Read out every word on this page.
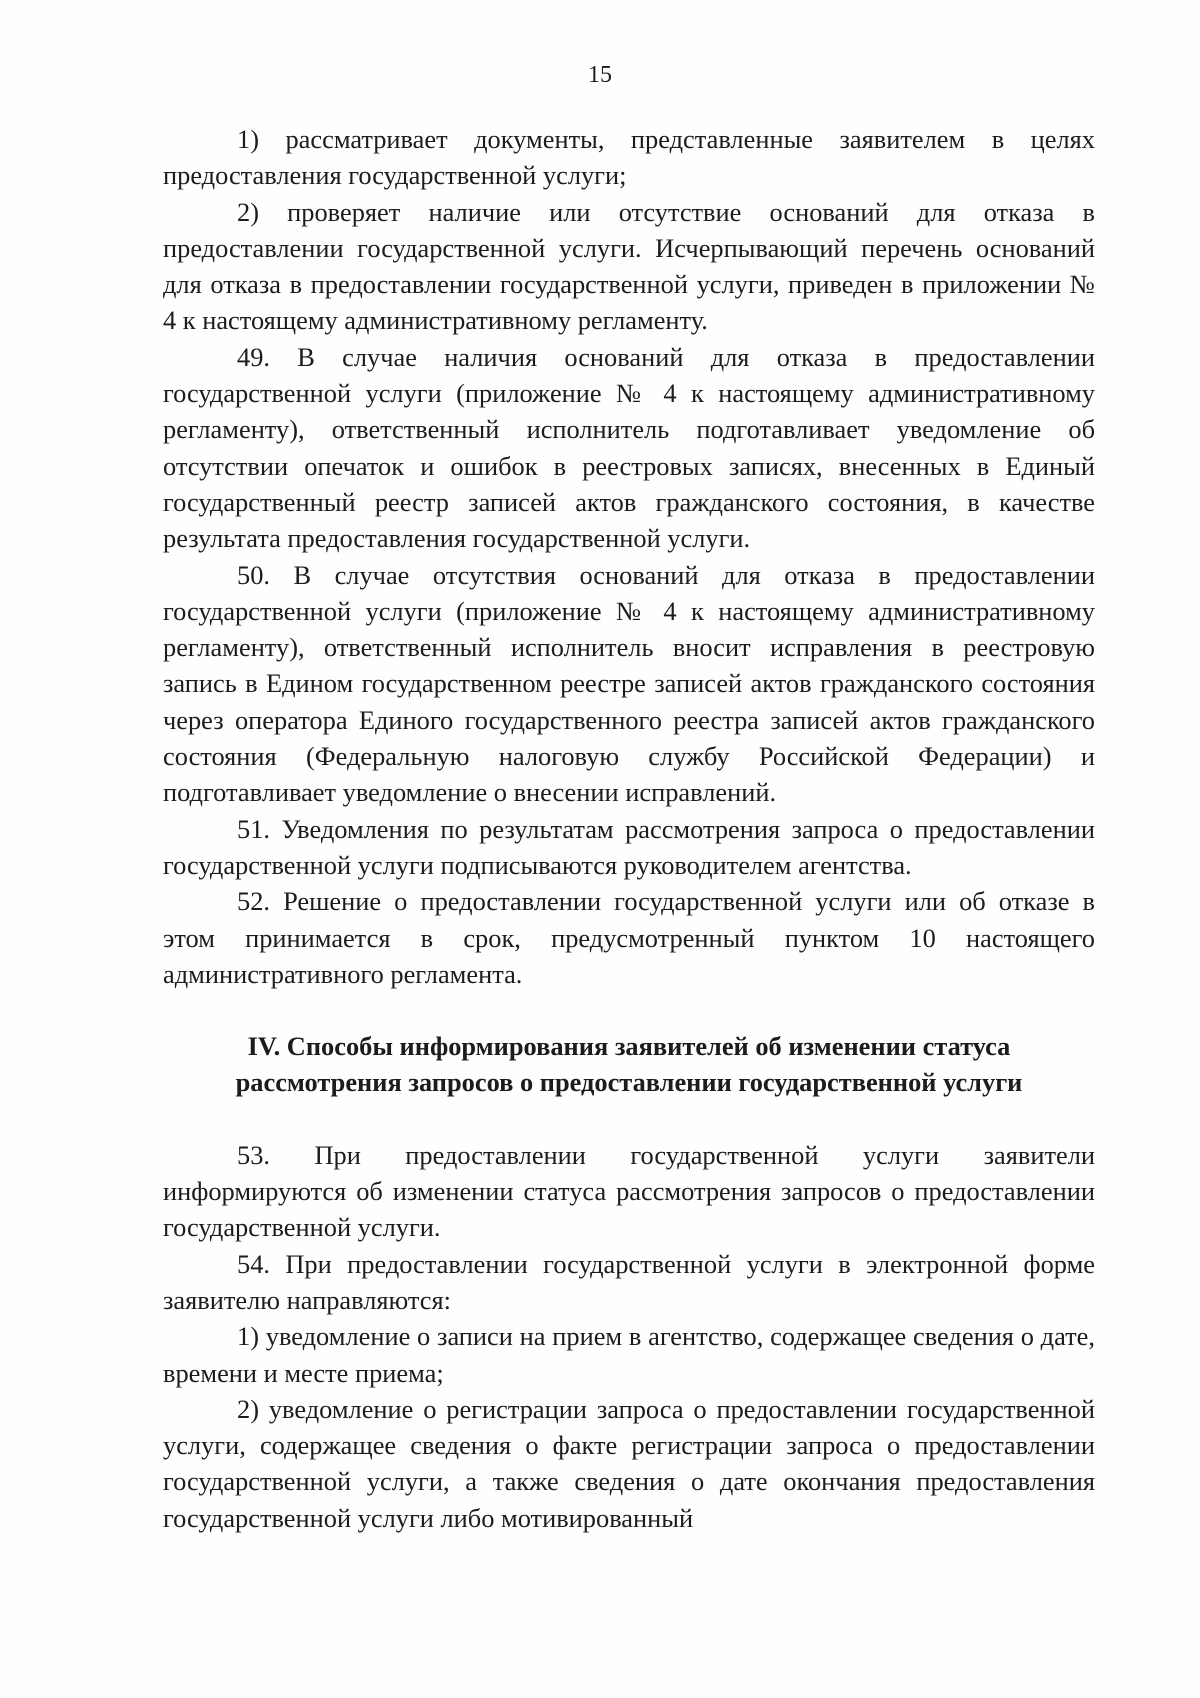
15

1) рассматривает документы, представленные заявителем в целях предоставления государственной услуги;

2) проверяет наличие или отсутствие оснований для отказа в предоставлении государственной услуги. Исчерпывающий перечень оснований для отказа в предоставлении государственной услуги, приведен в приложении № 4 к настоящему административному регламенту.

49. В случае наличия оснований для отказа в предоставлении государственной услуги (приложение № 4 к настоящему административному регламенту), ответственный исполнитель подготавливает уведомление об отсутствии опечаток и ошибок в реестровых записях, внесенных в Единый государственный реестр записей актов гражданского состояния, в качестве результата предоставления государственной услуги.

50. В случае отсутствия оснований для отказа в предоставлении государственной услуги (приложение № 4 к настоящему административному регламенту), ответственный исполнитель вносит исправления в реестровую запись в Едином государственном реестре записей актов гражданского состояния через оператора Единого государственного реестра записей актов гражданского состояния (Федеральную налоговую службу Российской Федерации) и подготавливает уведомление о внесении исправлений.

51. Уведомления по результатам рассмотрения запроса о предоставлении государственной услуги подписываются руководителем агентства.

52. Решение о предоставлении государственной услуги или об отказе в этом принимается в срок, предусмотренный пунктом 10 настоящего административного регламента.

IV. Способы информирования заявителей об изменении статуса

рассмотрения запросов о предоставлении государственной услуги

53. При предоставлении государственной услуги заявители информируются об изменении статуса рассмотрения запросов о предоставлении государственной услуги.

54. При предоставлении государственной услуги в электронной форме заявителю направляются:

1) уведомление о записи на прием в агентство, содержащее сведения о дате, времени и месте приема;

2) уведомление о регистрации запроса о предоставлении государственной услуги, содержащее сведения о факте регистрации запроса о предоставлении государственной услуги, а также сведения о дате окончания предоставления государственной услуги либо мотивированный
